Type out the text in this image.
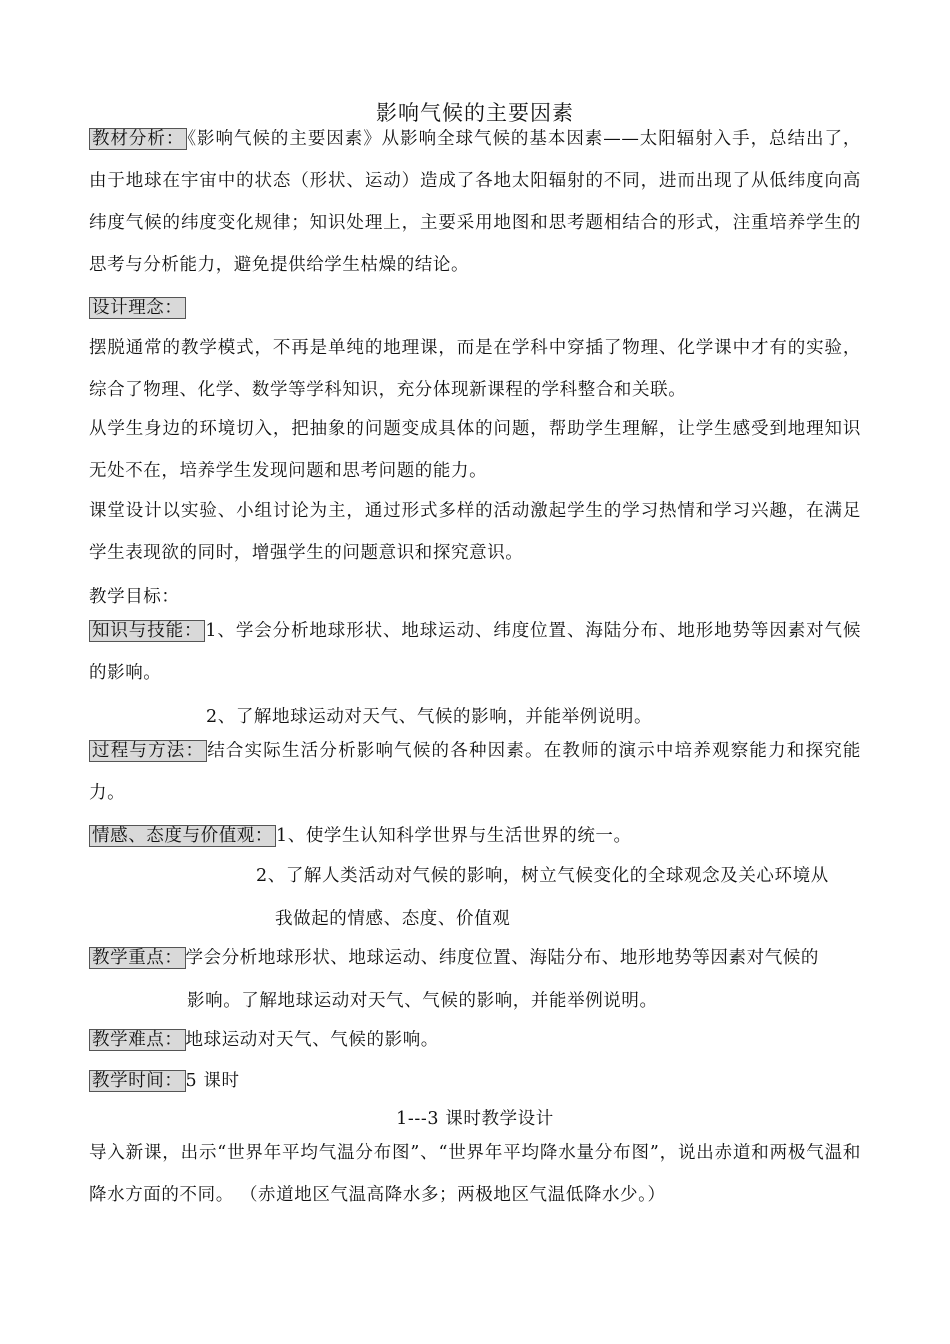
影响气候的主要因素
教材分析： 《影响气候的主要因素》从影响全球气候的基本因素——太阳辐射入手，总结出了，由于地球在宇宙中的状态（形状、运动）造成了各地太阳辐射的不同，进而出现了从低纬度向高纬度气候的纬度变化规律；知识处理上，主要采用地图和思考题相结合的形式，注重培养学生的思考与分析能力，避免提供给学生枯燥的结论。
设计理念：
摆脱通常的教学模式，不再是单纯的地理课，而是在学科中穿插了物理、化学课中才有的实验，综合了物理、化学、数学等学科知识，充分体现新课程的学科整合和关联。
从学生身边的环境切入，把抽象的问题变成具体的问题，帮助学生理解，让学生感受到地理知识无处不在，培养学生发现问题和思考问题的能力。
课堂设计以实验、小组讨论为主，通过形式多样的活动激起学生的学习热情和学习兴趣，在满足学生表现欲的同时，增强学生的问题意识和探究意识。
教学目标：
知识与技能： 1、学会分析地球形状、地球运动、纬度位置、海陆分布、地形地势等因素对气候的影响。
2、了解地球运动对天气、气候的影响，并能举例说明。
过程与方法： 结合实际生活分析影响气候的各种因素。在教师的演示中培养观察能力和探究能力。
情感、态度与价值观： 1、使学生认知科学世界与生活世界的统一。
2、了解人类活动对气候的影响，树立气候变化的全球观念及关心环境从
我做起的情感、态度、价值观
教学重点： 学会分析地球形状、地球运动、纬度位置、海陆分布、地形地势等因素对气候的
影响。了解地球运动对天气、气候的影响，并能举例说明。
教学难点： 地球运动对天气、气候的影响。
教学时间： 5 课时
1---3 课时教学设计
导入新课，出示“世界年平均气温分布图”、“世界年平均降水量分布图”，说出赤道和两极气温和降水方面的不同。 （赤道地区气温高降水多；两极地区气温低降水少。）
